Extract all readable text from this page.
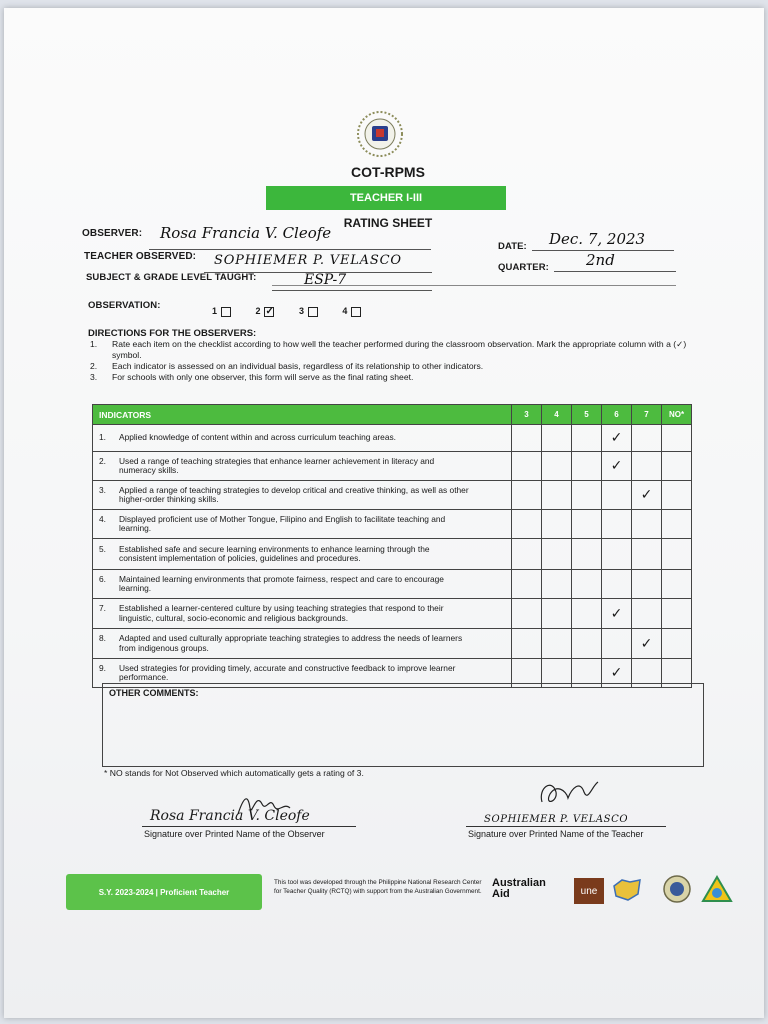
COT-RPMS
TEACHER I-III
RATING SHEET
OBSERVER: Rosa Francia V. Cleofe
TEACHER OBSERVED: SOPHIEMER P. VELASCO
SUBJECT & GRADE LEVEL TAUGHT:	ESP-7
DATE: Dec. 7, 2023
QUARTER: 2nd
OBSERVATION:	1	2 ✓	3	4
DIRECTIONS FOR THE OBSERVERS:
1.	Rate each item on the checklist according to how well the teacher performed during the classroom observation. Mark the appropriate column with a (✓) symbol.
2.	Each indicator is assessed on an individual basis, regardless of its relationship to other indicators.
3.	For schools with only one observer, this form will serve as the final rating sheet.
INDICATORS	3	4	5	6	7	NO*
1. Applied knowledge of content within and across curriculum teaching areas.				✓		
2. Used a range of teaching strategies that enhance learner achievement in literacy and numeracy skills.				✓		
3. Applied a range of teaching strategies to develop critical and creative thinking, as well as other higher-order thinking skills.					✓	
4. Displayed proficient use of Mother Tongue, Filipino and English to facilitate teaching and learning.						
5. Established safe and secure learning environments to enhance learning through the consistent implementation of policies, guidelines and procedures.						
6. Maintained learning environments that promote fairness, respect and care to encourage learning.						
7. Established a learner-centered culture by using teaching strategies that respond to their linguistic, cultural, socio-economic and religious backgrounds.				✓		
8. Adapted and used culturally appropriate teaching strategies to address the needs of learners from indigenous groups.					✓	
9. Used strategies for providing timely, accurate and constructive feedback to improve learner performance.				✓		
OTHER COMMENTS:
* NO stands for Not Observed which automatically gets a rating of 3.
Rosa Francia V. Cleofe
Signature over Printed Name of the Observer
SOPHIEMER P. VELASCO
Signature over Printed Name of the Teacher
S.Y. 2023-2024 | Proficient Teacher
This tool was developed through the Philippine National Research Center for Teacher Quality (RCTQ) with support from the Australian Government.
Australian
Aid	une
